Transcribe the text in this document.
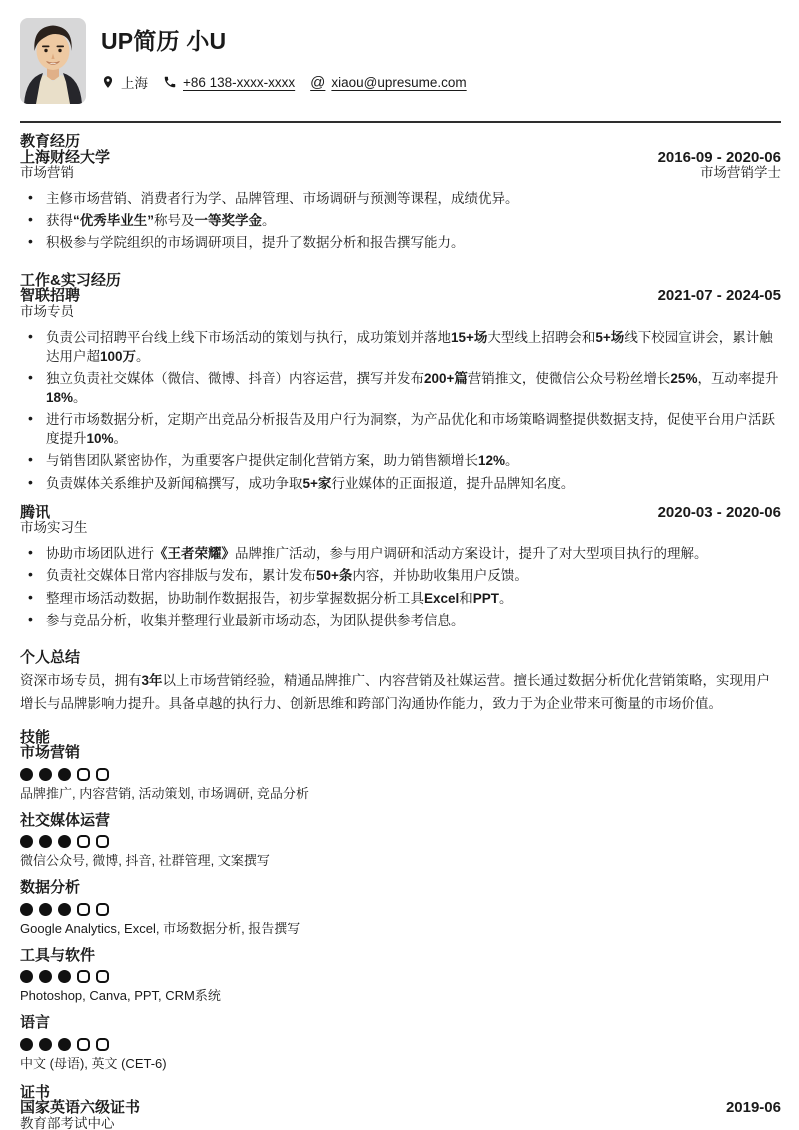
UP简历 小U
上海	+86 138-xxxx-xxxx @ xiaou@upresume.com
教育经历
上海财经大学
市场营销
2016-09 - 2020-06
市场营销学士
• 主修市场营销、消费者行为学、品牌管理、市场调研与预测等课程，成绩优异。
• 获得“优秀毕业生”称号及一等奖学金。
• 积极参与学院组织的市场调研项目，提升了数据分析和报告撰写能力。
工作&实习经历
智联招聘
市场专员
2021-07 - 2024-05
• 负责公司招聘平台线上线下市场活动的策划与执行，成功策划并落地15+场大型线上招聘会和5+场线下校园宣讲会，累计触达用户超100万。
• 独立负责社交媒体（微信、微博、抖音）内容运营，撰写并发布200+篇营销推文，使微信公众号粉丝增长25%，互动率提升18%。
• 进行市场数据分析，定期产出竞品分析报告及用户行为洞察，为产品优化和市场策略调整提供数据支持，促使平台用户活跃度提升10%。
• 与销售团队紧密协作，为重要客户提供定制化营销方案，助力销售额增长12%。
• 负责媒体关系维护及新闻稿撰写，成功争取5+家行业媒体的正面报道，提升品牌知名度。
腾讯
市场实习生
2020-03 - 2020-06
• 协助市场团队进行《王者荣耀》品牌推广活动，参与用户调研和活动方案设计，提升了对大型项目执行的理解。
• 负责社交媒体日常内容排版与发布，累计发布50+条内容，并协助收集用户反馈。
• 整理市场活动数据，协助制作数据报告，初步掌握数据分析工具Excel和PPT。
• 参与竞品分析，收集并整理行业最新市场动态，为团队提供参考信息。
个人总结

资深市场专员，拥有3年以上市场营销经验，精通品牌推广、内容营销及社媒运营。擅长通过数据分析优化营销策略，实现用户增长与品牌影响力提升。具备卓越的执行力、创新思维和跨部门沟通协作能力，致力于为企业带来可衡量的市场价值。

技能
市场营销
品牌推广, 内容营销, 活动策划, 市场调研, 竞品分析
社交媒体运营
微信公众号, 微博, 抖音, 社群管理, 文案撰写
数据分析
Google Analytics, Excel, 市场数据分析, 报告撰写
工具与软件
Photoshop, Canva, PPT, CRM系统
语言
中文 (母语), 英文 (CET-6)
证书
国家英语六级证书
教育部考试中心
2019-06
